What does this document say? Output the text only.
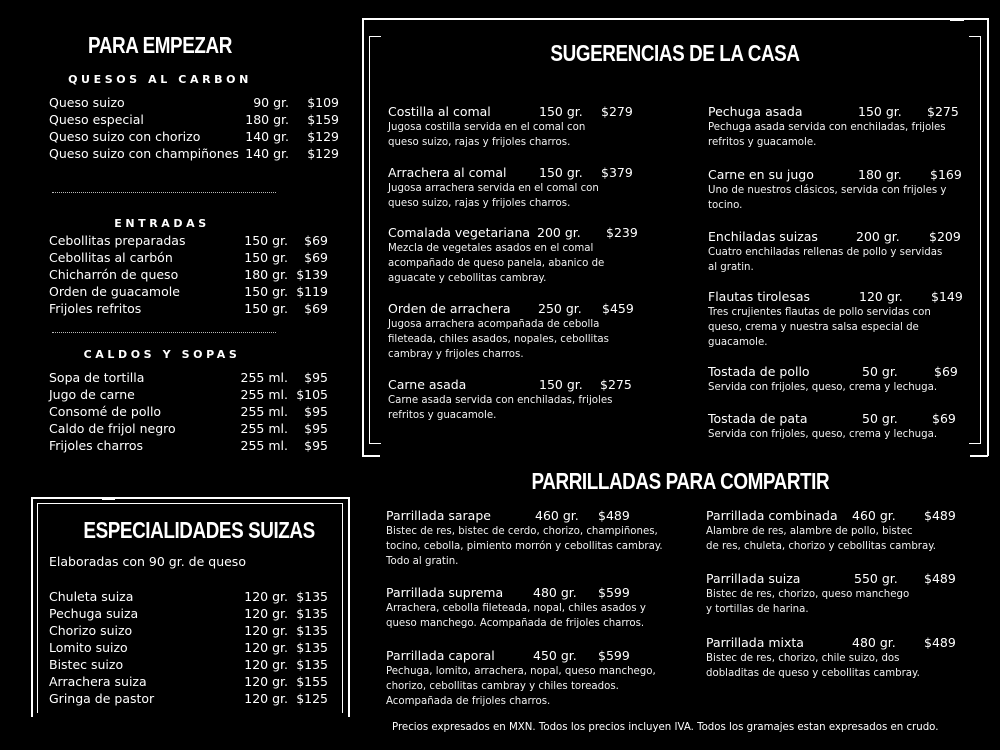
PARA EMPEZAR
QUESOS AL CARBON
Queso suizo	90 gr. $109
Queso especial	180 gr. $159
Queso suizo con chorizo	140 gr. $129
Queso suizo con champiñones 140 gr. $129
ENTRADAS
Cebollitas preparadas	150 gr. $69
Cebollitas al carbón	150 gr. $69
Chicharrón de queso	180 gr. $139
Orden de guacamole	150 gr. $119
Frijoles refritos	150 gr. $69
CALDOS Y SOPAS
Sopa de tortilla	255 ml. $95
Jugo de carne	255 ml. $105
Consomé de pollo	255 ml. $95
Caldo de frijol negro	255 ml. $95
Frijoles charros	255 ml. $95
ESPECIALIDADES SUIZAS
Elaboradas con 90 gr. de queso
Chuleta suiza	120 gr. $135
Pechuga suiza	120 gr. $135
Chorizo suizo	120 gr. $135
Lomito suizo	120 gr. $135
Bistec suizo	120 gr. $135
Arrachera suiza	120 gr. $155
Gringa de pastor	120 gr. $125
SUGERENCIAS DE LA CASA
Costilla al comal	150 gr. $279
Jugosa costilla servida en el comal con
queso suizo, rajas y frijoles charros.
Arrachera al comal	150 gr. $379
Jugosa arrachera servida en el comal con
queso suizo, rajas y frijoles charros.
Comalada vegetariana 200 gr. $239
Mezcla de vegetales asados en el comal
acompañado de queso panela, abanico de
aguacate y cebollitas cambray.
Orden de arrachera 250 gr. $459
Jugosa arrachera acompañada de cebolla
fileteada, chiles asados, nopales, cebollitas
cambray y frijoles charros.
Carne asada	150 gr. $275
Carne asada servida con enchiladas, frijoles
refritos y guacamole.
Pechuga asada	150 gr. $275
Pechuga asada servida con enchiladas, frijoles
refritos y guacamole.
Carne en su jugo	180 gr. $169
Uno de nuestros clásicos, servida con frijoles y
tocino.
Enchiladas suizas	200 gr. $209
Cuatro enchiladas rellenas de pollo y servidas
al gratin.
Flautas tirolesas	120 gr. $149
Tres crujientes flautas de pollo servidas con
queso, crema y nuestra salsa especial de
guacamole.
Tostada de pollo	50 gr.	$69
Servida con frijoles, queso, crema y lechuga.
Tostada de pata	50 gr.	$69
Servida con frijoles, queso, crema y lechuga.
PARRILLADAS PARA COMPARTIR
Parrillada sarape	460 gr. $489
Bistec de res, bistec de cerdo, chorizo, champiñones,
tocino, cebolla, pimiento morrón y cebollitas cambray.
Todo al gratin.
Parrillada suprema 480 gr. $599
Arrachera, cebolla fileteada, nopal, chiles asados y
queso manchego. Acompañada de frijoles charros.
Parrillada caporal	450 gr. $599
Pechuga, lomito, arrachera, nopal, queso manchego,
chorizo, cebollitas cambray y chiles toreados.
Acompañada de frijoles charros.
Parrillada combinada 460 gr. $489
Alambre de res, alambre de pollo, bistec
de res, chuleta, chorizo y cebollitas cambray.
Parrillada suiza	550 gr. $489
Bistec de res, chorizo, queso manchego
y tortillas de harina.
Parrillada mixta	480 gr. $489
Bistec de res, chorizo, chile suizo, dos
dobladitas de queso y cebollitas cambray.
Precios expresados en MXN. Todos los precios incluyen IVA. Todos los gramajes estan expresados en crudo.
